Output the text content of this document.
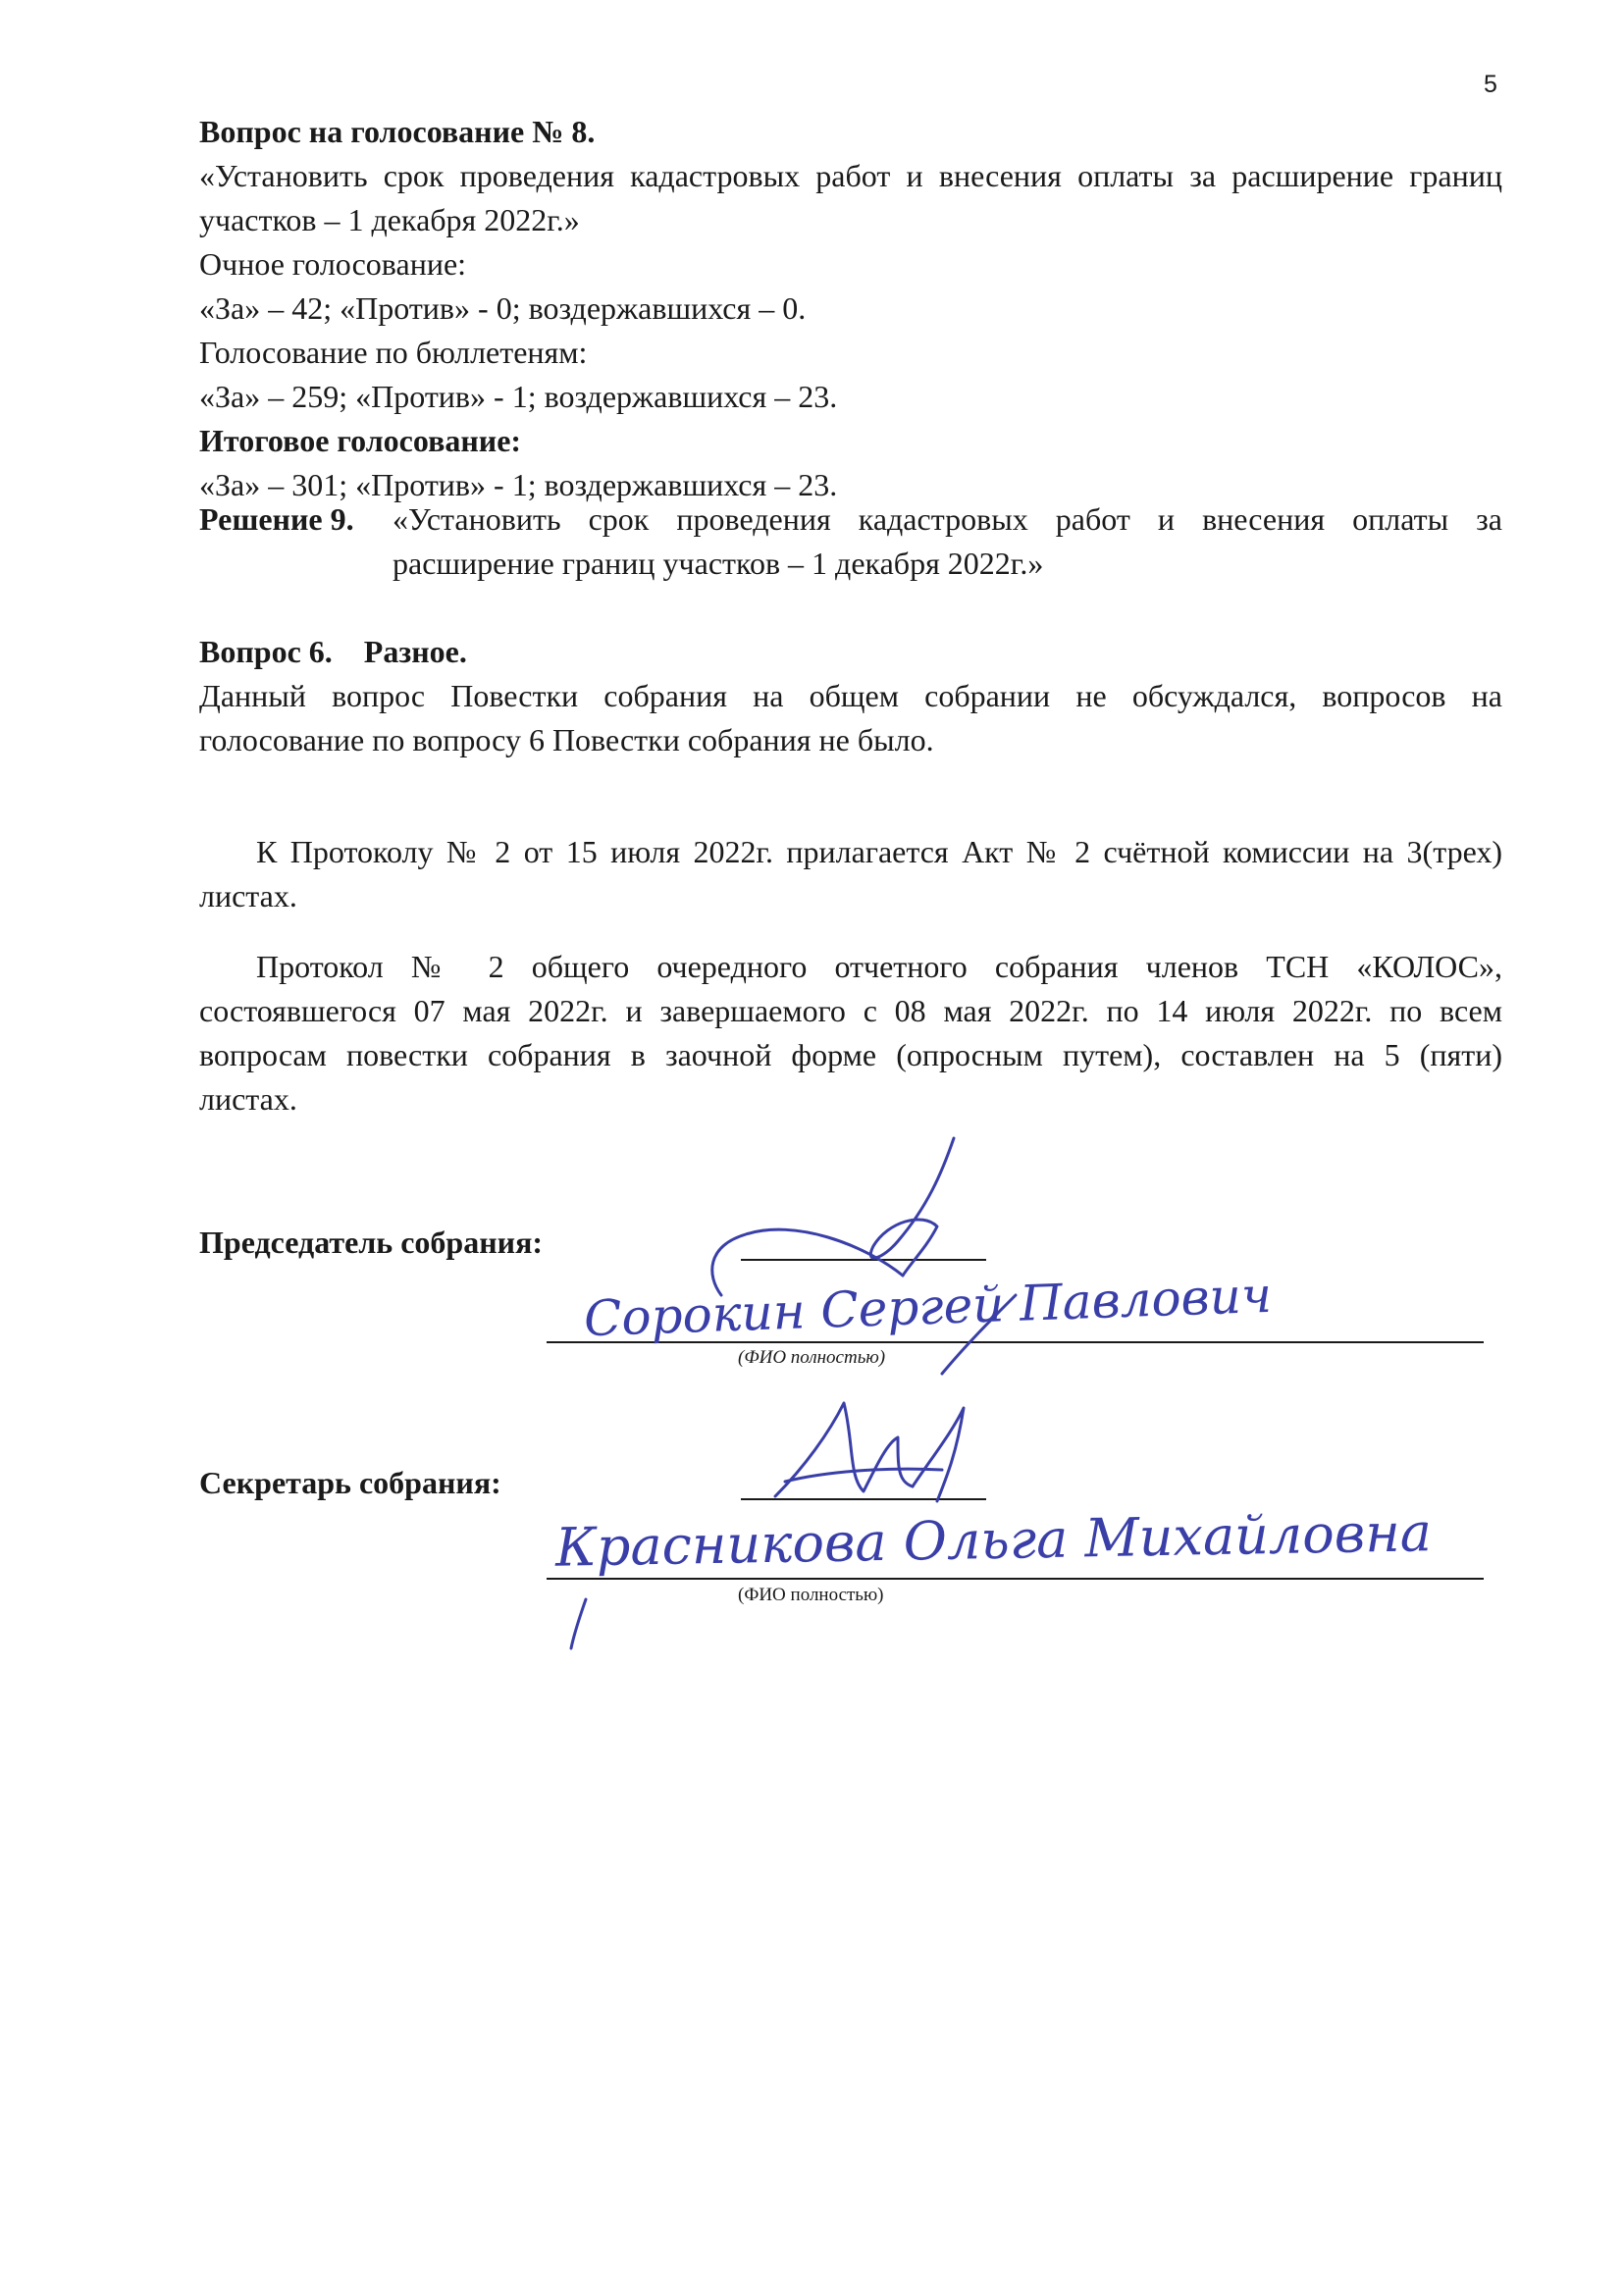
5
Вопрос на голосование № 8.
«Установить срок проведения кадастровых работ и внесения оплаты за расширение границ
участков – 1 декабря 2022г.»
Очное голосование:
«За» – 42; «Против» - 0; воздержавшихся – 0.
Голосование по бюллетеням:
«За» – 259; «Против» - 1; воздержавшихся – 23.
Итоговое голосование:
«За» – 301; «Против» - 1; воздержавшихся – 23.
Решение 9. «Установить срок проведения кадастровых работ и внесения оплаты за
расширение границ участков – 1 декабря 2022г.»
Вопрос 6.    Разное.
Данный вопрос Повестки собрания на общем собрании не обсуждался, вопросов на
голосование по вопросу 6 Повестки собрания не было.
К Протоколу № 2 от 15 июля 2022г. прилагается Акт № 2 счётной комиссии на 3(трех)
листах.
Протокол № 2 общего очередного отчетного собрания членов ТСН «КОЛОС»,
состоявшегося 07 мая 2022г. и завершаемого с 08 мая 2022г. по 14 июля 2022г. по всем
вопросам повестки собрания в заочной форме (опросным путем), составлен на 5 (пяти)
листах.
Председатель собрания:
(ФИО полностью)
Секретарь собрания:
(ФИО полностью)
Сорокин Сергей Павлович
Красникова Ольга Михайловна
